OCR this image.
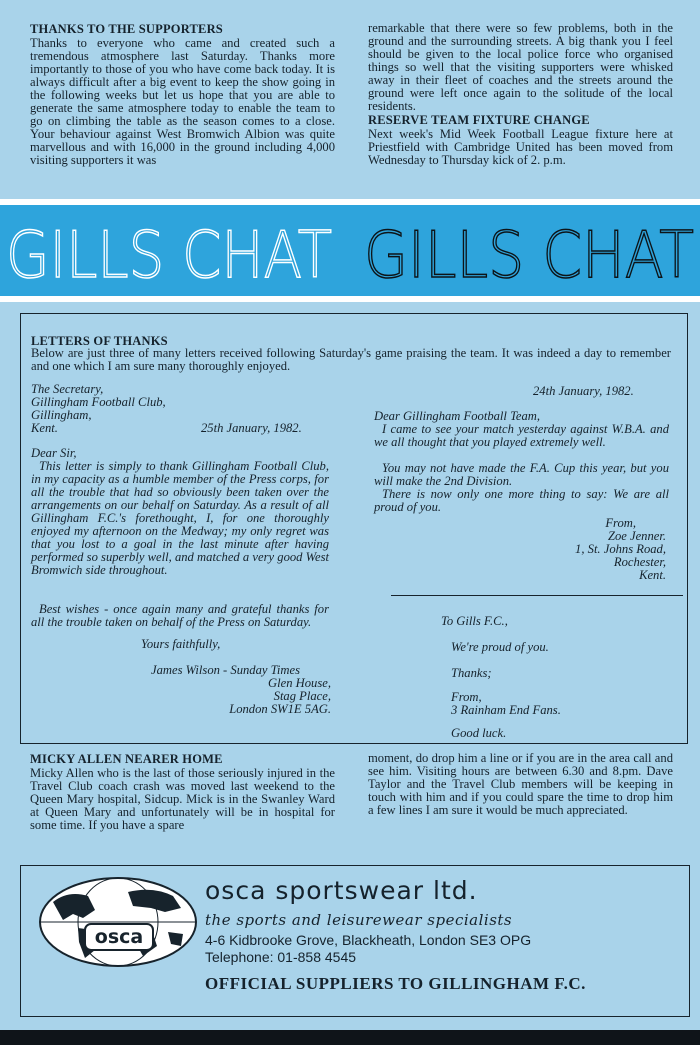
THANKS TO THE SUPPORTERS

Thanks to everyone who came and created such a tremendous atmosphere last Saturday. Thanks more importantly to those of you who have come back today. It is always difficult after a big event to keep the show going in the following weeks but let us hope that you are able to generate the same atmosphere today to enable the team to go on climbing the table as the season comes to a close. Your behaviour against West Bromwich Albion was quite marvellous and with 16,000 in the ground including 4,000 visiting supporters it was

remarkable that there were so few problems, both in the ground and the surrounding streets. A big thank you I feel should be given to the local police force who organised things so well that the visiting supporters were whisked away in their fleet of coaches and the streets around the ground were left once again to the solitude of the local residents.

RESERVE TEAM FIXTURE CHANGE

Next week's Mid Week Football League fixture here at Priestfield with Cambridge United has been moved from Wednesday to Thursday kick of 2. p.m.

GILLS CHAT GILLS CHAT

LETTERS OF THANKS

Below are just three of many letters received following Saturday's game praising the team. It was indeed a day to remember and one which I am sure many thoroughly enjoyed.

The Secretary,
Gillingham Football Club,
Gillingham,
Kent.	25th January, 1982.
Dear Sir,

This letter is simply to thank Gillingham Football Club, in my capacity as a humble member of the Press corps, for all the trouble that had so obviously been taken over the arrangements on our behalf on Saturday. As a result of all Gillingham F.C.'s forethought, I, for one thoroughly enjoyed my afternoon on the Medway; my only regret was that you lost to a goal in the last minute after having performed so superbly well, and matched a very good West Bromwich side throughout.

Best wishes - once again many and grateful thanks for all the trouble taken on behalf of the Press on Saturday.

Yours faithfully,
James Wilson - Sunday Times
Glen House,
Stag Place,
London SW1E 5AG.
24th January, 1982.
Dear Gillingham Football Team,

I came to see your match yesterday against W.B.A. and we all thought that you played extremely well.

You may not have made the F.A. Cup this year, but you will make the 2nd Division.

There is now only one more thing to say: We are all proud of you.

From,
Zoe Jenner.
1, St. Johns Road,
Rochester,
Kent.
To Gills F.C.,
We're proud of you.
Thanks;
From,
3 Rainham End Fans.
Good luck.

MICKY ALLEN NEARER HOME

Micky Allen who is the last of those seriously injured in the Travel Club coach crash was moved last weekend to the Queen Mary hospital, Sidcup. Mick is in the Swanley Ward at Queen Mary and unfortunately will be in hospital for some time. If you have a spare

moment, do drop him a line or if you are in the area call and see him. Visiting hours are between 6.30 and 8.pm. Dave Taylor and the Travel Club members will be keeping in touch with him and if you could spare the time to drop him a few lines I am sure it would be much appreciated.

osca
osca sportswear ltd.
the sports and leisurewear specialists
4-6 Kidbrooke Grove, Blackheath, London SE3 OPG
Telephone: 01-858 4545
OFFICIAL SUPPLIERS TO GILLINGHAM F.C.
